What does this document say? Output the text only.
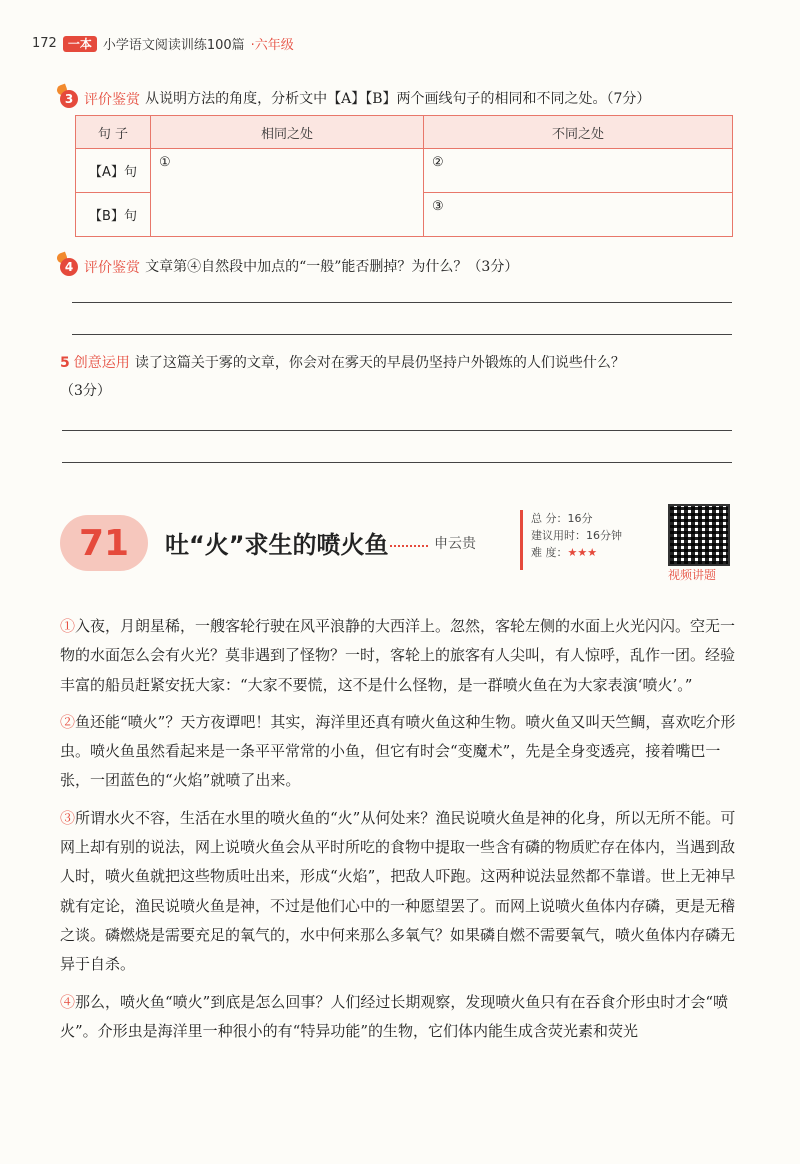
172 一本 小学语文阅读训练100篇 ·六年级
3 评价鉴赏 从说明方法的角度，分析文中【A】【B】两个画线句子的相同和不同之处。（7分）
句 子	相同之处	不同之处
【A】句	①	②
【B】句		③
4 评价鉴赏 文章第④自然段中加点的“一般”能否删掉？为什么？（3分）
5 创意运用 读了这篇关于雾的文章，你会对在雾天的早晨仍坚持户外锻炼的人们说些什么？
（3分）
71 吐“火”求生的喷火鱼	申云贵
总 分：16分
建议用时：16分钟
难 度：★★★
视频讲题

①入夜，月朗星稀，一艘客轮行驶在风平浪静的大西洋上。忽然，客轮左侧的水面上火光闪闪。空无一物的水面怎么会有火光？莫非遇到了怪物？一时，客轮上的旅客有人尖叫，有人惊呼，乱作一团。经验丰富的船员赶紧安抚大家：“大家不要慌，这不是什么怪物，是一群喷火鱼在为大家表演‘喷火’。”

②鱼还能“喷火”？天方夜谭吧！其实，海洋里还真有喷火鱼这种生物。喷火鱼又叫天竺鲷，喜欢吃介形虫。喷火鱼虽然看起来是一条平平常常的小鱼，但它有时会“变魔术”，先是全身变透亮，接着嘴巴一张，一团蓝色的“火焰”就喷了出来。

③所谓水火不容，生活在水里的喷火鱼的“火”从何处来？渔民说喷火鱼是神的化身，所以无所不能。可网上却有别的说法，网上说喷火鱼会从平时所吃的食物中提取一些含有磷的物质贮存在体内，当遇到敌人时，喷火鱼就把这些物质吐出来，形成“火焰”，把敌人吓跑。这两种说法显然都不靠谱。世上无神早就有定论，渔民说喷火鱼是神，不过是他们心中的一种愿望罢了。而网上说喷火鱼体内存磷，更是无稽之谈。磷燃烧是需要充足的氧气的，水中何来那么多氧气？如果磷自燃不需要氧气，喷火鱼体内存磷无异于自杀。

④那么，喷火鱼“喷火”到底是怎么回事？人们经过长期观察，发现喷火鱼只有在吞食介形虫时才会“喷火”。介形虫是海洋里一种很小的有“特异功能”的生物，它们体内能生成含荧光素和荧光
